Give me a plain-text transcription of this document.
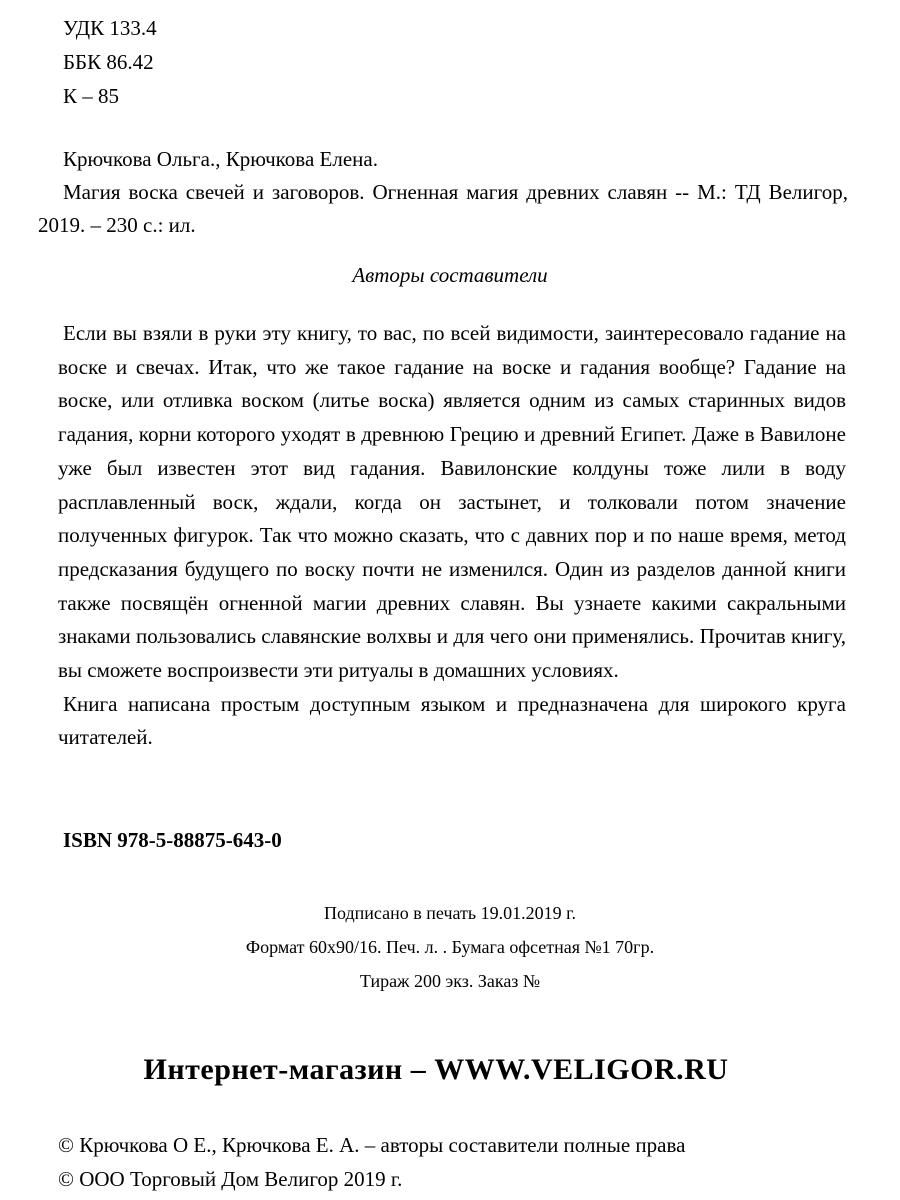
УДК 133.4
ББК 86.42
К – 85
Крючкова Ольга., Крючкова Елена.
Магия воска свечей и заговоров. Огненная магия древних славян -- М.: ТД Велигор, 2019. – 230 с.: ил.
Авторы составители

Если вы взяли в руки эту книгу, то вас, по всей видимости, заинтересовало гадание на воске и свечах. Итак, что же такое гадание на воске и гадания вообще? Гадание на воске, или отливка воском (литье воска) является одним из самых старинных видов гадания, корни которого уходят в древнюю Грецию и древний Египет. Даже в Вавилоне уже был известен этот вид гадания. Вавилонские колдуны тоже лили в воду расплавленный воск, ждали, когда он застынет, и толковали потом значение полученных фигурок. Так что можно сказать, что с давних пор и по наше время, метод предсказания будущего по воску почти не изменился. Один из разделов данной книги также посвящён огненной магии древних славян. Вы узнаете какими сакральными знаками пользовались славянские волхвы и для чего они применялись. Прочитав книгу, вы сможете воспроизвести эти ритуалы в домашних условиях.

Книга написана простым доступным языком и предназначена для широкого круга читателей.

ISBN 978-5-88875-643-0
Подписано в печать 19.01.2019 г.
Формат 60х90/16. Печ. л. . Бумага офсетная №1 70гр.
Тираж 200 экз. Заказ №
Интернет-магазин – WWW.VELIGOR.RU
© Крючкова О Е., Крючкова Е. А. – авторы составители полные права
© ООО Торговый Дом Велигор 2019 г.
